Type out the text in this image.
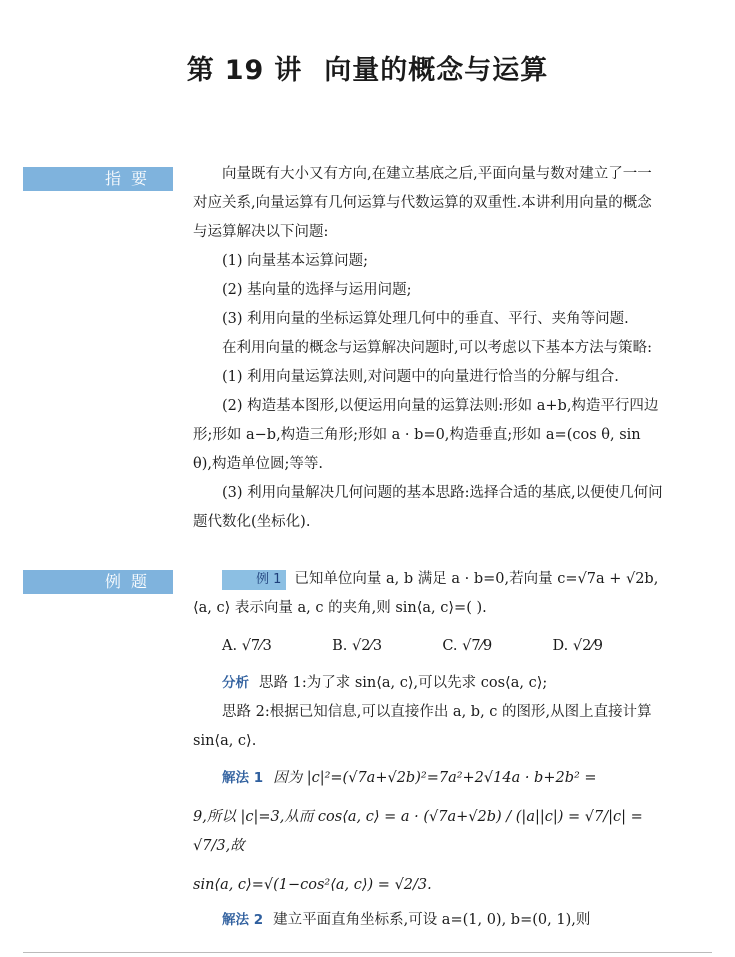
第 19 讲 向量的概念与运算
指要	向量既有大小又有方向,在建立基底之后,平面向量与数对建立了一一对应关系,向量运算有几何运算与代数运算的双重性.本讲利用向量的概念与运算解决以下问题:

(1) 向量基本运算问题;

(2) 基向量的选择与运用问题;

(3) 利用向量的坐标运算处理几何中的垂直、平行、夹角等问题.

在利用向量的概念与运算解决问题时,可以考虑以下基本方法与策略:

(1) 利用向量运算法则,对问题中的向量进行恰当的分解与组合.

(2) 构造基本图形,以便运用向量的运算法则:形如 a+b,构造平行四边形;形如 a−b,构造三角形;形如 a · b=0,构造垂直;形如 a=(cos θ, sin θ),构造单位圆;等等.

(3) 利用向量解决几何问题的基本思路:选择合适的基底,以便使几何问题代数化(坐标化).

例题	例 1 已知单位向量 a, b 满足 a · b=0,若向量 c=√7a + √2b, ⟨a, c⟩ 表示向量 a, c 的夹角,则 sin⟨a, c⟩=( ).

A. √7⁄3	B. √2⁄3	C. √7⁄9	D. √2⁄9

分析 思路 1:为了求 sin⟨a, c⟩,可以先求 cos⟨a, c⟩;

思路 2:根据已知信息,可以直接作出 a, b, c 的图形,从图上直接计算 sin⟨a, c⟩.

解法 1 因为 |c|²=(√7a+√2b)²=7a²+2√14a · b+2b² =

9,所以 |c|=3,从而 cos⟨a, c⟩ = a · (√7a+√2b) / (|a||c|) = √7/|c| = √7/3,故

sin⟨a, c⟩=√(1−cos²⟨a, c⟩) = √2/3.

解法 2 建立平面直角坐标系,可设 a=(1, 0), b=(0, 1),则
